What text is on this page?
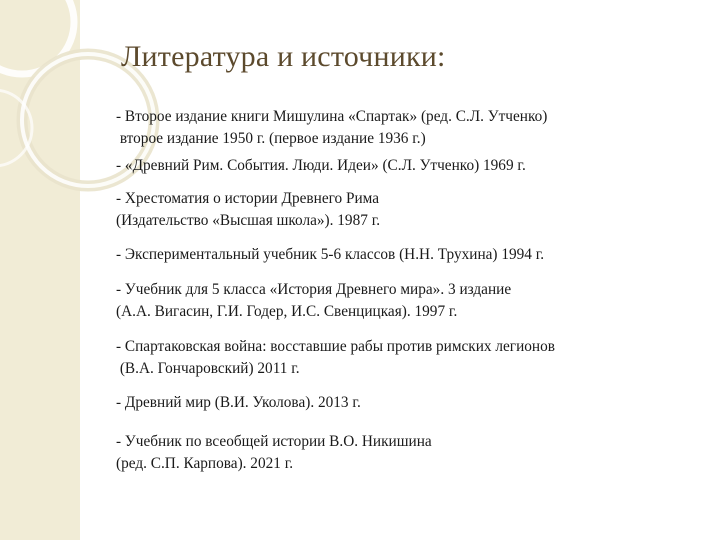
Литература и источники:
- Второе издание книги Мишулина «Спартак» (ред. С.Л. Утченко)
второе издание 1950 г. (первое издание 1936 г.)
- «Древний Рим. События. Люди. Идеи» (С.Л. Утченко) 1969 г.
- Хрестоматия о истории Древнего Рима
(Издательство «Высшая школа»). 1987 г.
- Экспериментальный учебник 5-6 классов (Н.Н. Трухина) 1994 г.
- Учебник для 5 класса «История Древнего мира». 3 издание
(А.А. Вигасин, Г.И. Годер, И.С. Свенцицкая). 1997 г.
- Спартаковская война: восставшие рабы против римских легионов
(В.А. Гончаровский) 2011 г.
- Древний мир (В.И. Уколова). 2013 г.
- Учебник по всеобщей истории В.О. Никишина
(ред. С.П. Карпова). 2021 г.
